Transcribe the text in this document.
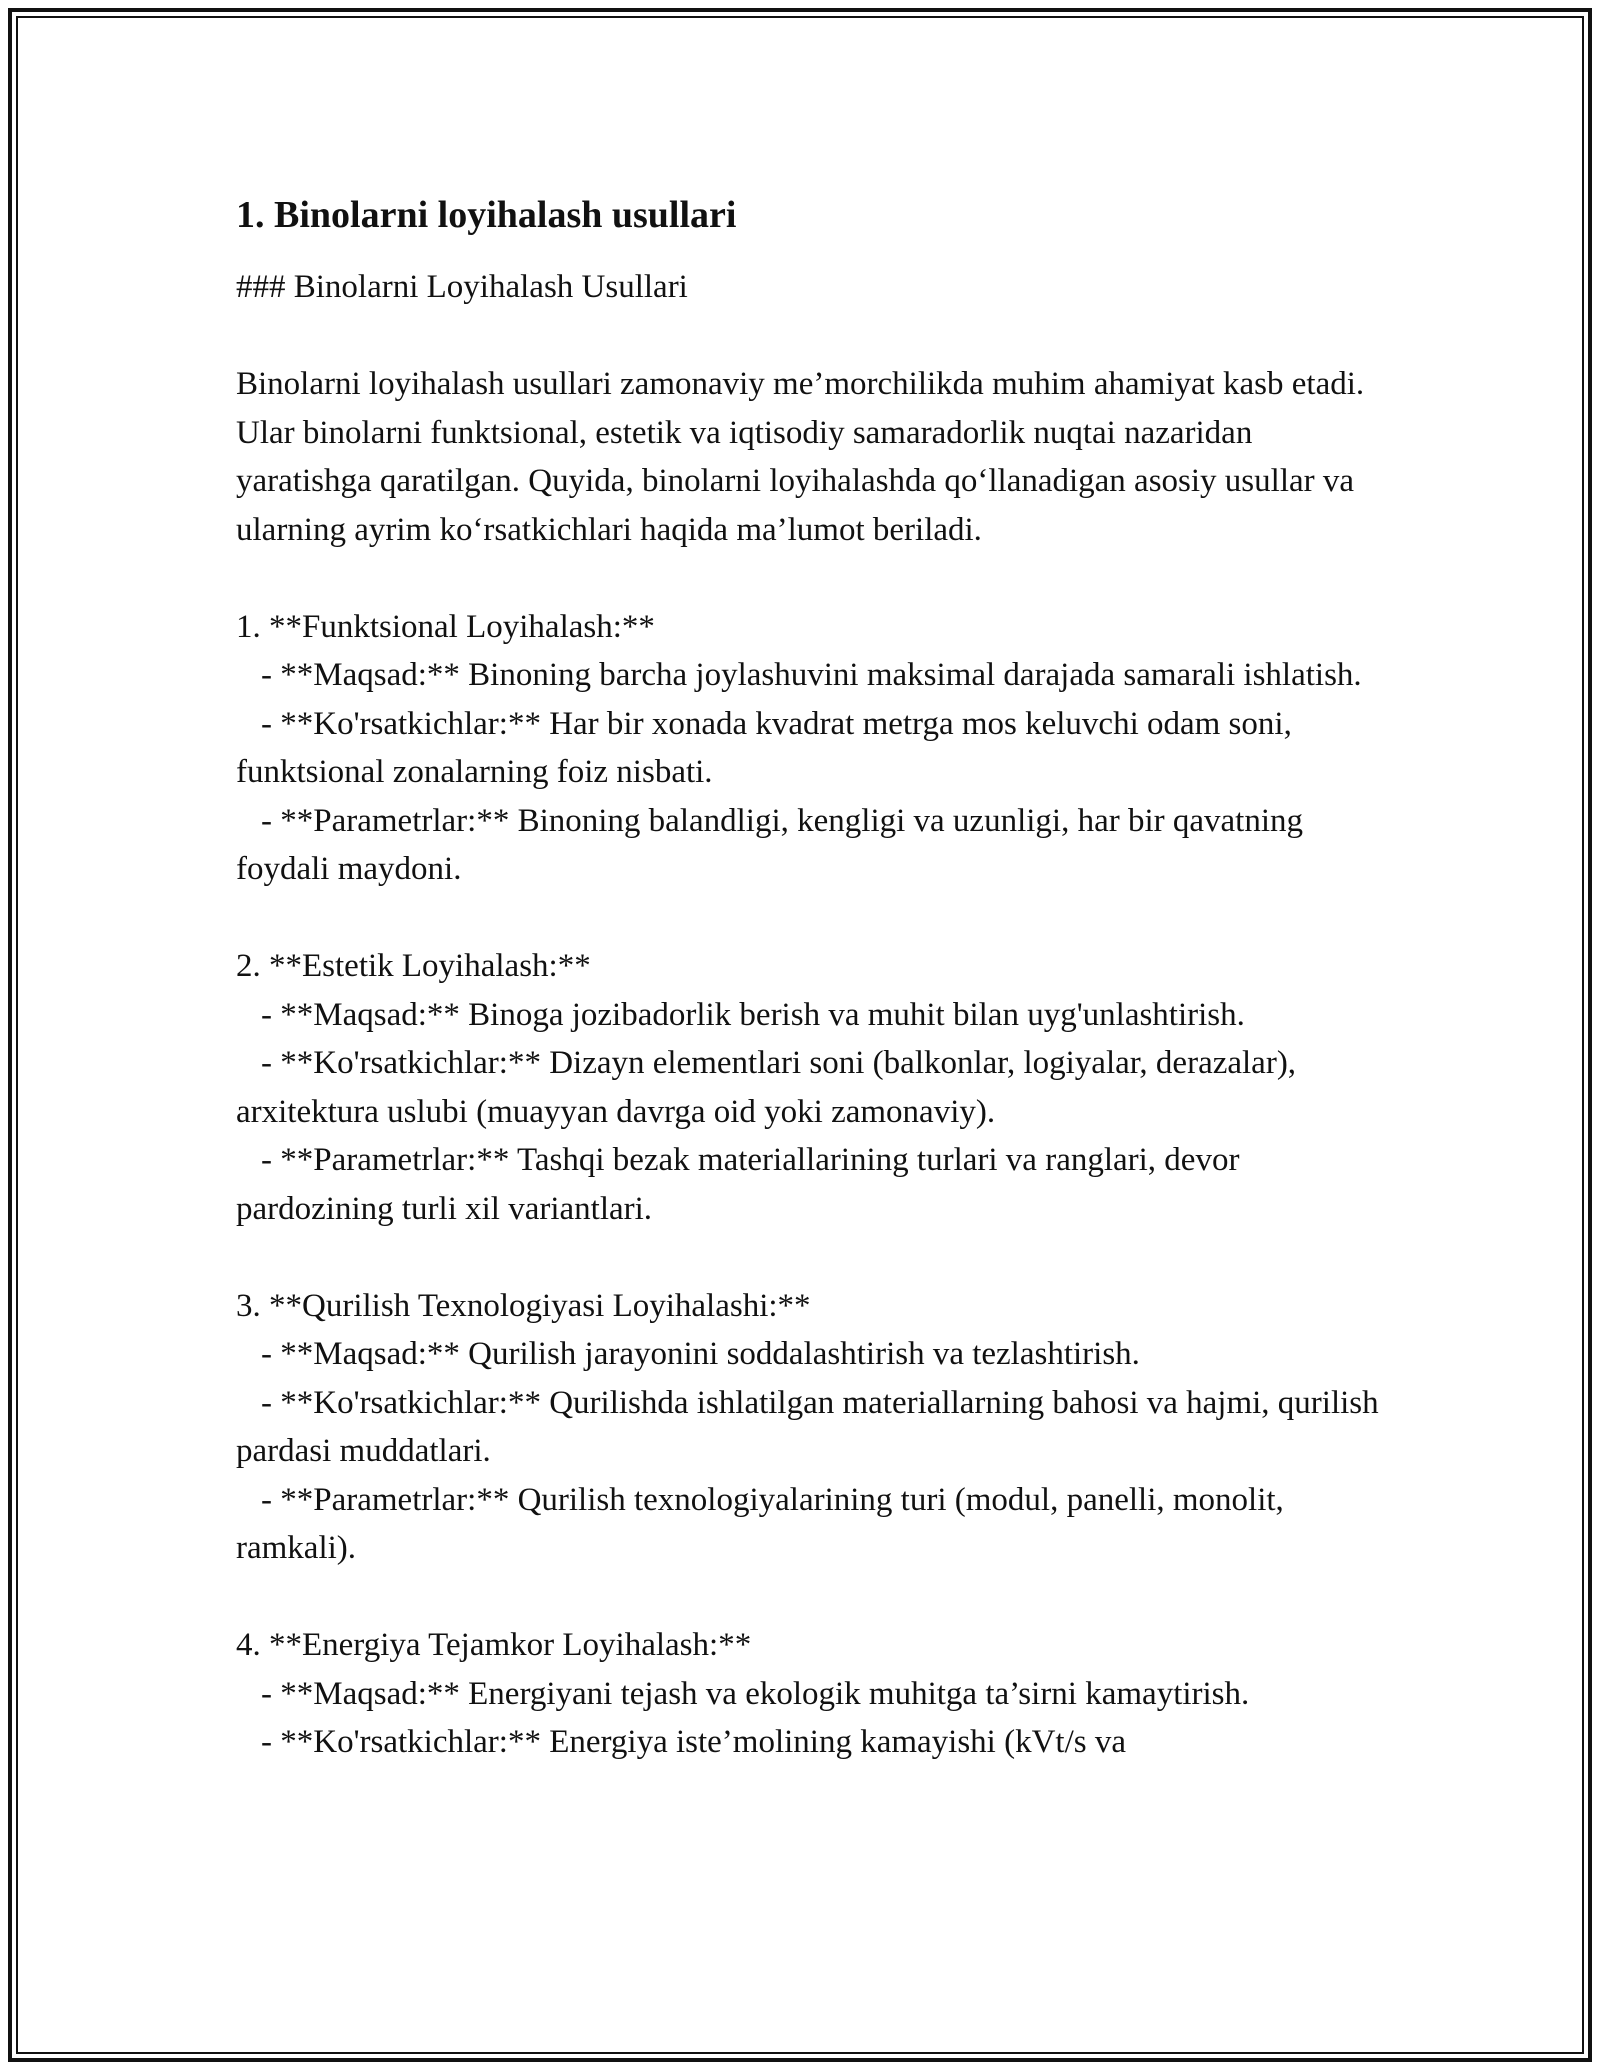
1. Binolarni loyihalash usullari
### Binolarni Loyihalash Usullari
Binolarni loyihalash usullari zamonaviy me’morchilikda muhim ahamiyat kasb etadi. Ular binolarni funktsional, estetik va iqtisodiy samaradorlik nuqtai nazaridan yaratishga qaratilgan. Quyida, binolarni loyihalashda qo‘llanadigan asosiy usullar va ularning ayrim ko‘rsatkichlari haqida ma’lumot beriladi.
1. **Funktsional Loyihalash:**
- **Maqsad:** Binoning barcha joylashuvini maksimal darajada samarali ishlatish.
- **Ko'rsatkichlar:** Har bir xonada kvadrat metrga mos keluvchi odam soni, funktsional zonalarning foiz nisbati.
- **Parametrlar:** Binoning balandligi, kengligi va uzunligi, har bir qavatning foydali maydoni.
2. **Estetik Loyihalash:**
- **Maqsad:** Binoga jozibadorlik berish va muhit bilan uyg'unlashtirish.
- **Ko'rsatkichlar:** Dizayn elementlari soni (balkonlar, logiyalar, derazalar), arxitektura uslubi (muayyan davrga oid yoki zamonaviy).
- **Parametrlar:** Tashqi bezak materiallarining turlari va ranglari, devor pardozining turli xil variantlari.
3. **Qurilish Texnologiyasi Loyihalashi:**
- **Maqsad:** Qurilish jarayonini soddalashtirish va tezlashtirish.
- **Ko'rsatkichlar:** Qurilishda ishlatilgan materiallarning bahosi va hajmi, qurilish pardasi muddatlari.
- **Parametrlar:** Qurilish texnologiyalarining turi (modul, panelli, monolit, ramkali).
4. **Energiya Tejamkor Loyihalash:**
- **Maqsad:** Energiyani tejash va ekologik muhitga ta’sirni kamaytirish.
- **Ko'rsatkichlar:** Energiya iste’molining kamayishi (kVt/s va
